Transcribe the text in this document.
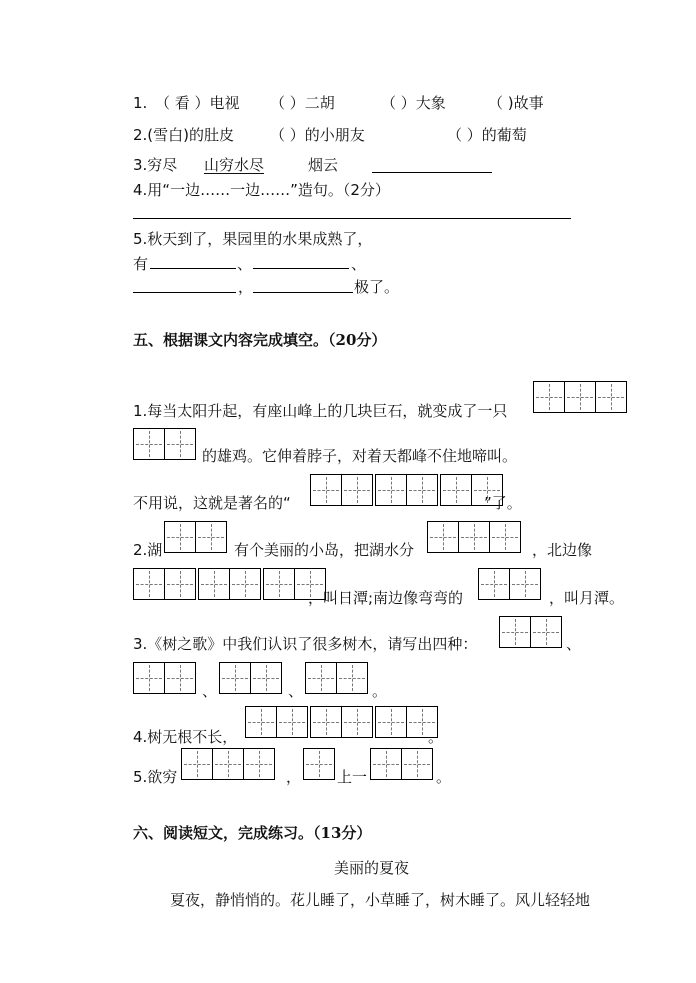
1. （ 看 ）电视 （ ）二胡	（ ）大象	（ )故事
2.(雪白)的肚皮 （ ）的小朋友	（ ）的葡萄
3.穷尽 山穷水尽	烟云
4.用“一边……一边……”造句。（2分）
5.秋天到了，果园里的水果成熟了，
有	、	、
，	极了。
五、根据课文内容完成填空。（20分）
1.每当太阳升起，有座山峰上的几块巨石，就变成了一只
的雄鸡。它伸着脖子，对着天都峰不住地啼叫。
不用说，这就是著名的“	”了。
2.湖	有个美丽的小岛，把湖水分	，北边像
，叫日潭;南边像弯弯的	，叫月潭。
3.《树之歌》中我们认识了很多树木，请写出四种：	、
、	、	。
4.树无根不长，	。
5.欲穷	， 上一	。
六、阅读短文，完成练习。（13分）
美丽的夏夜
夏夜，静悄悄的。花儿睡了，小草睡了，树木睡了。风儿轻轻地
